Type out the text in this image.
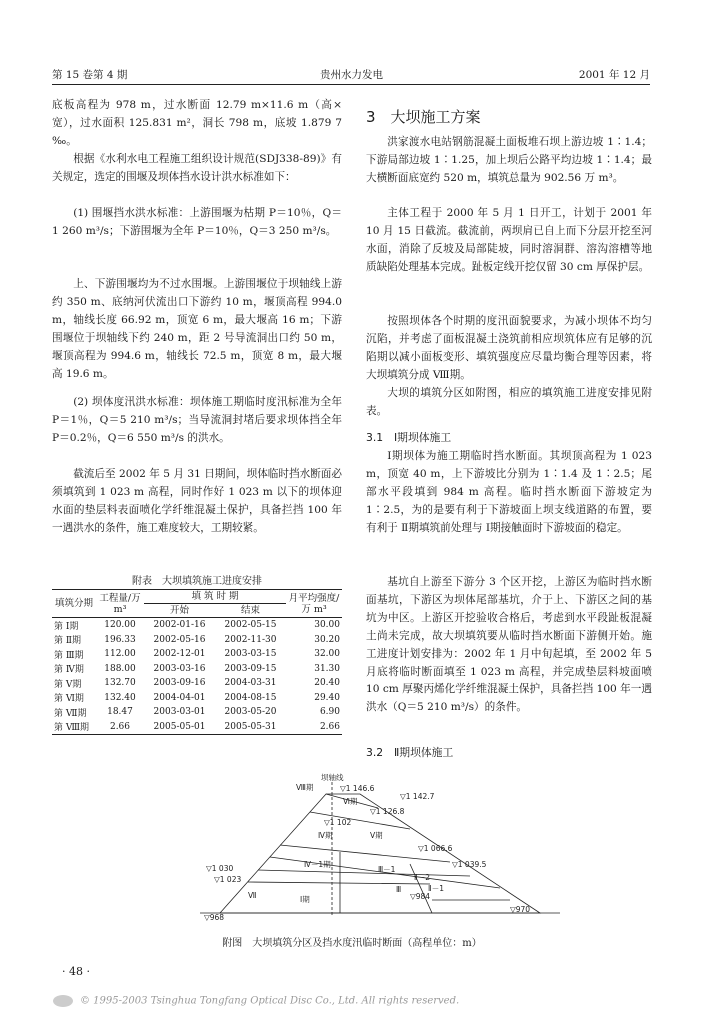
第 15 卷第 4 期	贵州水力发电	2001 年 12 月

底板高程为 978 m，过水断面 12.79 m×11.6 m（高×宽），过水面积 125.831 m²，洞长 798 m，底坡 1.879 7 ‰。

根据《水利水电工程施工组织设计规范(SDJ338-89)》有关规定，选定的围堰及坝体挡水设计洪水标准如下：

(1) 围堰挡水洪水标准：上游围堰为枯期 P＝10％，Q＝1 260 m³/s；下游围堰为全年 P＝10％，Q＝3 250 m³/s。

上、下游围堰均为不过水围堰。上游围堰位于坝轴线上游约 350 m、底纳河伏流出口下游约 10 m，堰顶高程 994.0 m，轴线长度 66.92 m，顶宽 6 m，最大堰高 16 m；下游围堰位于坝轴线下约 240 m，距 2 号导流洞出口约 50 m，堰顶高程为 994.6 m，轴线长 72.5 m，顶宽 8 m，最大堰高 19.6 m。

(2) 坝体度汛洪水标准：坝体施工期临时度汛标准为全年 P＝1％，Q＝5 210 m³/s；当导流洞封堵后要求坝体挡全年 P＝0.2％，Q＝6 550 m³/s 的洪水。

截流后至 2002 年 5 月 31 日期间，坝体临时挡水断面必须填筑到 1 023 m 高程，同时作好 1 023 m 以下的坝体迎水面的垫层料表面喷化学纤维混凝土保护，具备拦挡 100 年一遇洪水的条件，施工难度较大，工期较紧。

附表　大坝填筑施工进度安排
填筑分期	工程量/万 m³	填 筑 时 期		月平均强度/万 m³
		开始	结束	
第 Ⅰ期	120.00	2002-01-16	2002-05-15	30.00
第 Ⅱ期	196.33	2002-05-16	2002-11-30	30.20
第 Ⅲ期	112.00	2002-12-01	2003-03-15	32.00
第 Ⅳ期	188.00	2003-03-16	2003-09-15	31.30
第 Ⅴ期	132.70	2003-09-16	2004-03-31	20.40
第 Ⅵ期	132.40	2004-04-01	2004-08-15	29.40
第 Ⅶ期	18.47	2003-03-01	2003-05-20	6.90
第 Ⅷ期	2.66	2005-05-01	2005-05-31	2.66
3　大坝施工方案

洪家渡水电站钢筋混凝土面板堆石坝上游边坡 1∶1.4；下游局部边坡 1∶1.25，加上坝后公路平均边坡 1∶1.4；最大横断面底宽约 520 m，填筑总量为 902.56 万 m³。

主体工程于 2000 年 5 月 1 日开工，计划于 2001 年 10 月 15 日截流。截流前，两坝肩已自上而下分层开挖至河水面，消除了反坡及局部陡坡，同时溶洞群、溶沟溶槽等地质缺陷处理基本完成。趾板定线开挖仅留 30 cm 厚保护层。

按照坝体各个时期的度汛面貌要求，为减小坝体不均匀沉陷，并考虑了面板混凝土浇筑前相应坝筑体应有足够的沉陷期以减小面板变形、填筑强度应尽量均衡合理等因素，将大坝填筑分成 Ⅷ期。

大坝的填筑分区如附图，相应的填筑施工进度安排见附表。

3.1　Ⅰ期坝体施工

Ⅰ期坝体为施工期临时挡水断面。其坝顶高程为 1 023 m，顶宽 40 m，上下游坡比分别为 1∶1.4 及 1∶2.5；尾部水平段填到 984 m 高程。临时挡水断面下游坡定为 1∶2.5，为的是要有利于下游坡面上坝支线道路的布置，要有利于 Ⅱ期填筑前处理与 Ⅰ期接触面时下游坡面的稳定。

基坑自上游至下游分 3 个区开挖，上游区为临时挡水断面基坑，下游区为坝体尾部基坑，介于上、下游区之间的基坑为中区。上游区开挖验收合格后，考虑到水平段趾板混凝土尚未完成，故大坝填筑要从临时挡水断面下游侧开始。施工进度计划安排为：2002 年 1 月中旬起填，至 2002 年 5 月底将临时断面填至 1 023 m 高程，并完成垫层料坡面喷 10 cm 厚聚丙烯化学纤维混凝土保护，具备拦挡 100 年一遇洪水（Q＝5 210 m³/s）的条件。

3.2　Ⅱ期坝体施工
坝轴线
▽1 146.6
▽1 142.7
▽1 126.8
▽1 102
▽1 066.6
▽1 039.5
▽1 030
▽1 023
▽984
▽970
▽968
Ⅷ期
Ⅵ期
Ⅳ期	Ⅴ期
Ⅳ－1期
Ⅲ－1
Ⅱ－2
Ⅱ－1
Ⅰ期
Ⅲ
Ⅶ
附图　大坝填筑分区及挡水度汛临时断面（高程单位：m）
· 48 ·
© 1995-2003 Tsinghua Tongfang Optical Disc Co., Ltd. All rights reserved.
